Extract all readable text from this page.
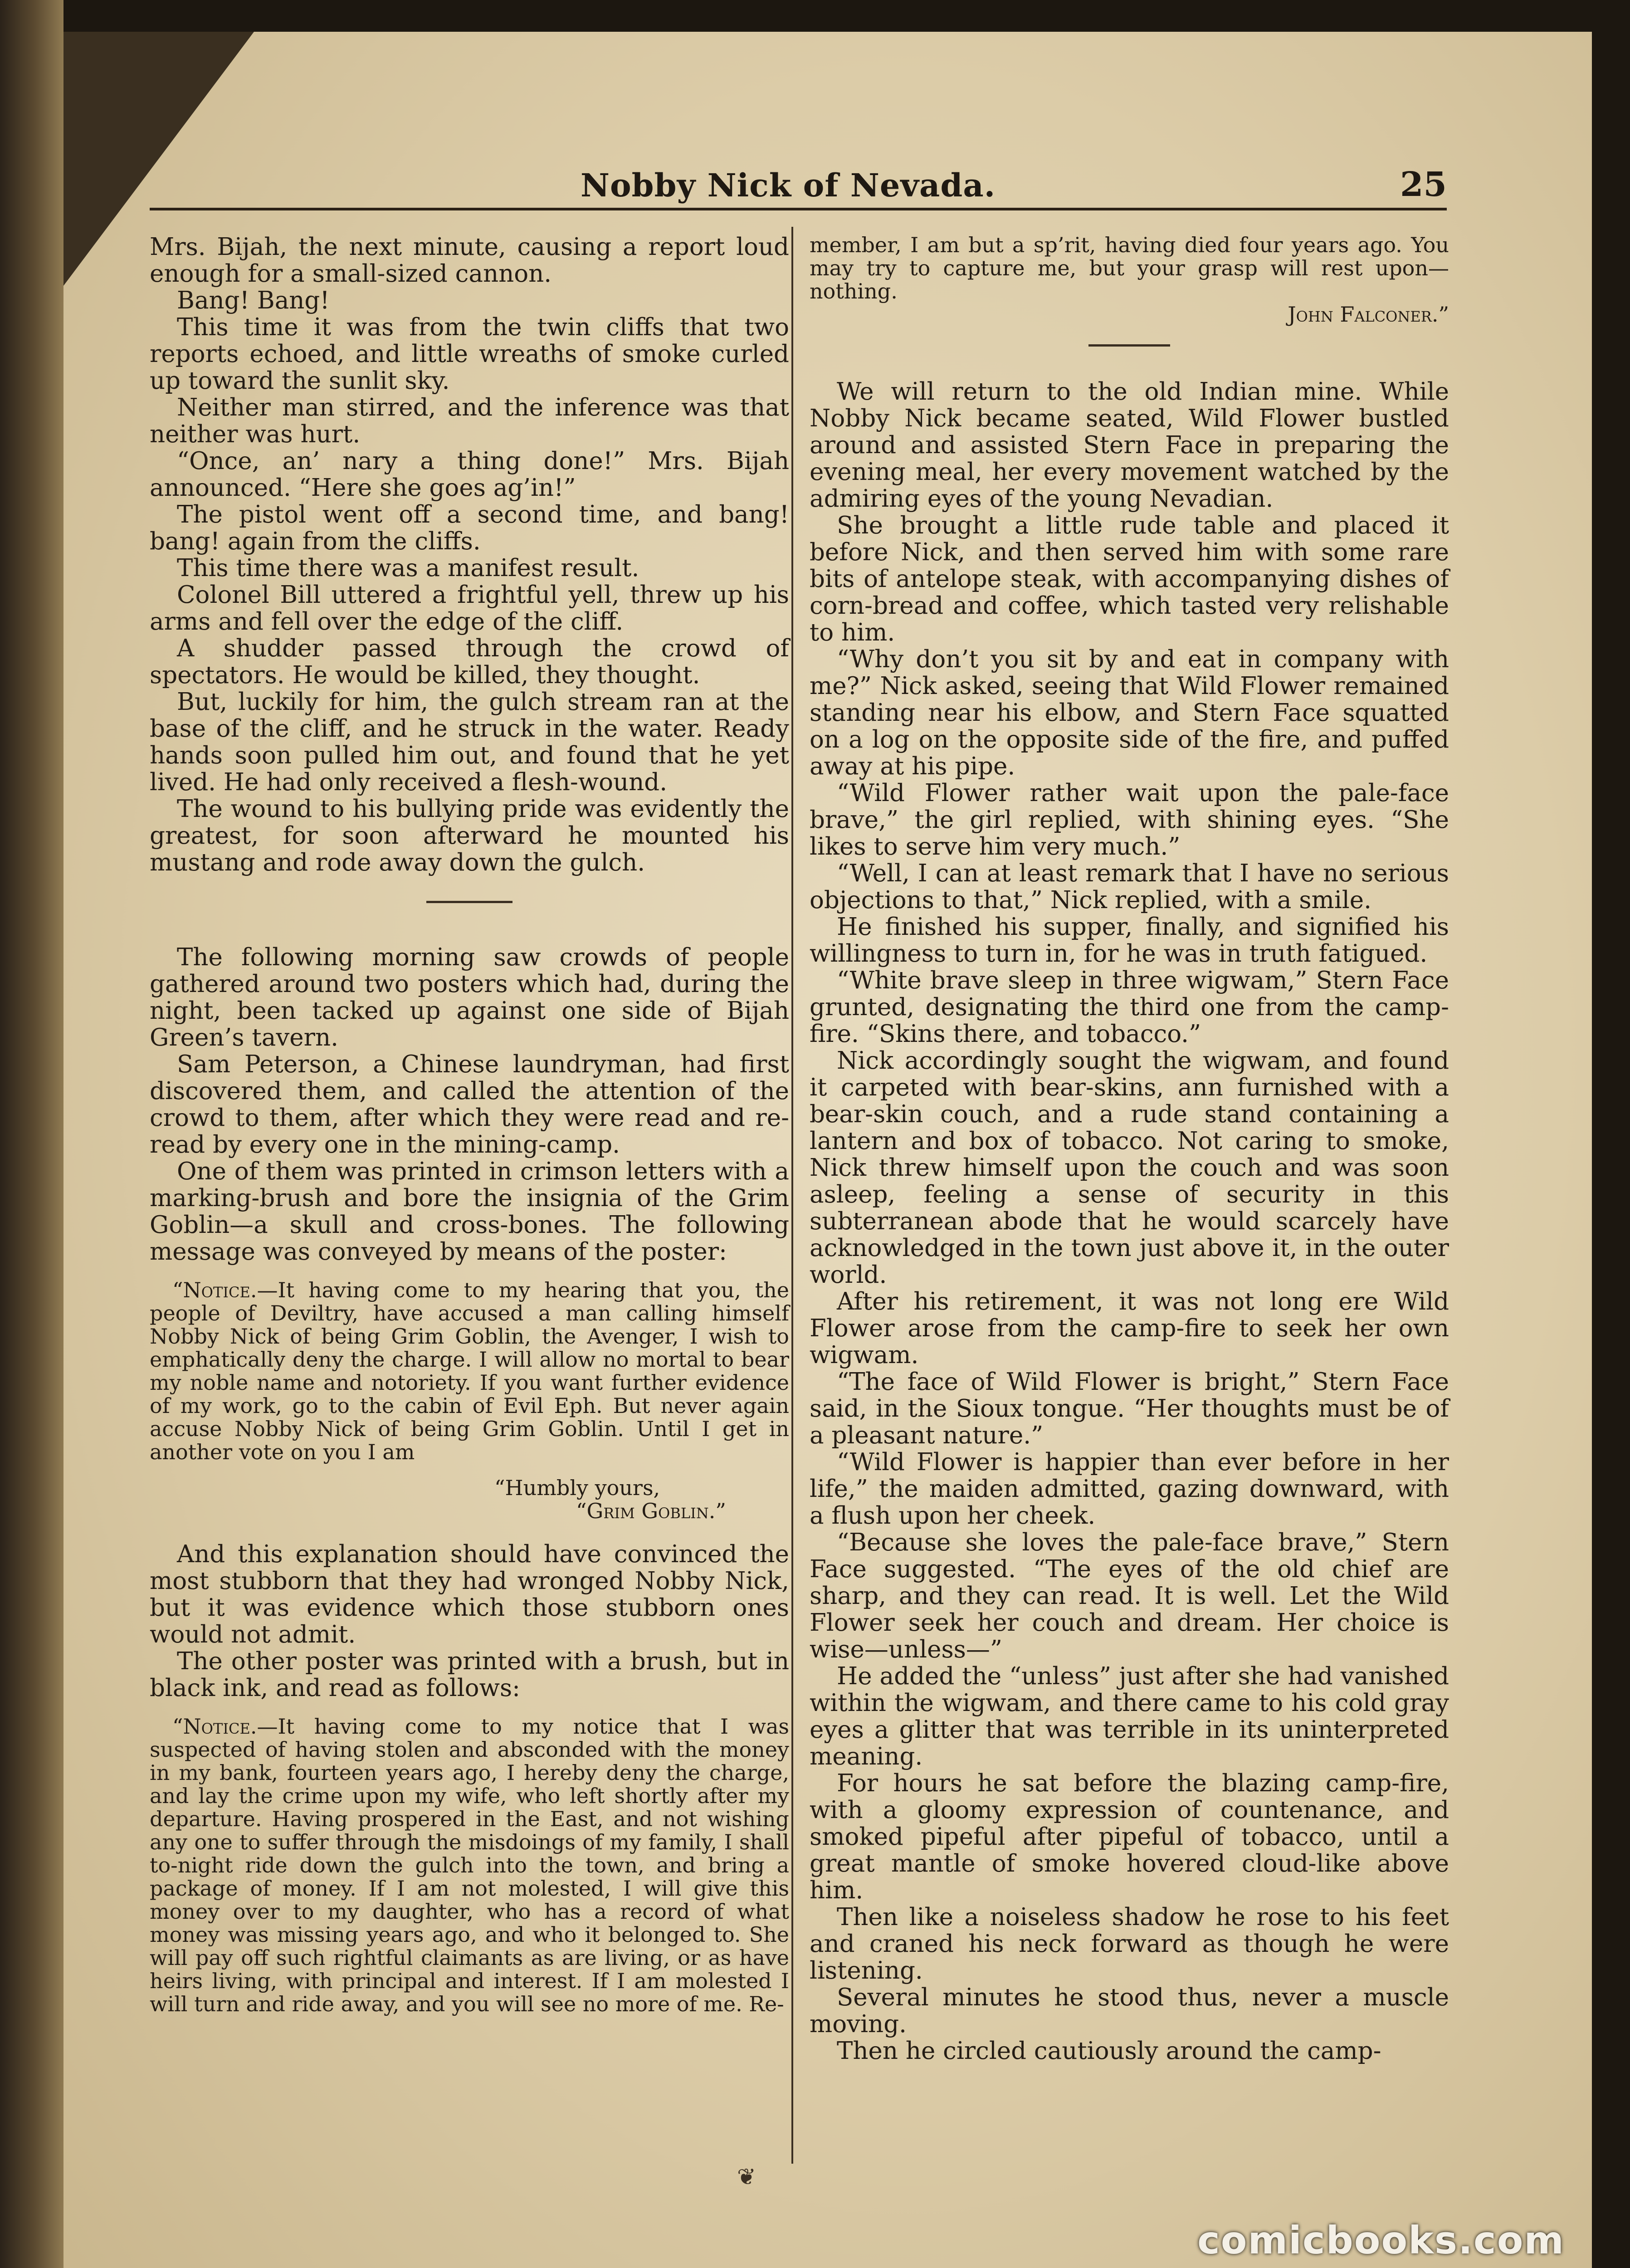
Nobby Nick of Nevada.	25

Mrs. Bijah, the next minute, causing a report loud enough for a small-sized cannon.

Bang! Bang!

This time it was from the twin cliffs that two reports echoed, and little wreaths of smoke curled up toward the sunlit sky.

Neither man stirred, and the inference was that neither was hurt.

“Once, an’ nary a thing done!” Mrs. Bijah announced. “Here she goes ag’in!”

The pistol went off a second time, and bang! bang! again from the cliffs.

This time there was a manifest result.

Colonel Bill uttered a frightful yell, threw up his arms and fell over the edge of the cliff.

A shudder passed through the crowd of spectators. He would be killed, they thought.

But, luckily for him, the gulch stream ran at the base of the cliff, and he struck in the water. Ready hands soon pulled him out, and found that he yet lived. He had only received a flesh-wound.

The wound to his bullying pride was evidently the greatest, for soon afterward he mounted his mustang and rode away down the gulch.

The following morning saw crowds of people gathered around two posters which had, during the night, been tacked up against one side of Bijah Green’s tavern.

Sam Peterson, a Chinese laundryman, had first discovered them, and called the attention of the crowd to them, after which they were read and re-read by every one in the mining-camp.

One of them was printed in crimson letters with a marking-brush and bore the insignia of the Grim Goblin—a skull and cross-bones. The following message was conveyed by means of the poster:

“Notice.—It having come to my hearing that you, the people of Deviltry, have accused a man calling himself Nobby Nick of being Grim Goblin, the Avenger, I wish to emphatically deny the charge. I will allow no mortal to bear my noble name and notoriety. If you want further evidence of my work, go to the cabin of Evil Eph. But never again accuse Nobby Nick of being Grim Goblin. Until I get in another vote on you I am

“Humbly yours,

“Grim Goblin.”

And this explanation should have convinced the most stubborn that they had wronged Nobby Nick, but it was evidence which those stubborn ones would not admit.

The other poster was printed with a brush, but in black ink, and read as follows:

“Notice.—It having come to my notice that I was suspected of having stolen and absconded with the money in my bank, fourteen years ago, I hereby deny the charge, and lay the crime upon my wife, who left shortly after my departure. Having prospered in the East, and not wishing any one to suffer through the misdoings of my family, I shall to-night ride down the gulch into the town, and bring a package of money. If I am not molested, I will give this money over to my daughter, who has a record of what money was missing years ago, and who it belonged to. She will pay off such rightful claimants as are living, or as have heirs living, with principal and interest. If I am molested I will turn and ride away, and you will see no more of me. Re-

member, I am but a sp’rit, having died four years ago. You may try to capture me, but your grasp will rest upon—nothing.

John Falconer.”

We will return to the old Indian mine. While Nobby Nick became seated, Wild Flower bustled around and assisted Stern Face in preparing the evening meal, her every movement watched by the admiring eyes of the young Nevadian.

She brought a little rude table and placed it before Nick, and then served him with some rare bits of antelope steak, with accompanying dishes of corn-bread and coffee, which tasted very relishable to him.

“Why don’t you sit by and eat in company with me?” Nick asked, seeing that Wild Flower remained standing near his elbow, and Stern Face squatted on a log on the opposite side of the fire, and puffed away at his pipe.

“Wild Flower rather wait upon the pale-face brave,” the girl replied, with shining eyes. “She likes to serve him very much.”

“Well, I can at least remark that I have no serious objections to that,” Nick replied, with a smile.

He finished his supper, finally, and signified his willingness to turn in, for he was in truth fatigued.

“White brave sleep in three wigwam,” Stern Face grunted, designating the third one from the camp-fire. “Skins there, and tobacco.”

Nick accordingly sought the wigwam, and found it carpeted with bear-skins, ann furnished with a bear-skin couch, and a rude stand containing a lantern and box of tobacco. Not caring to smoke, Nick threw himself upon the couch and was soon asleep, feeling a sense of security in this subterranean abode that he would scarcely have acknowledged in the town just above it, in the outer world.

After his retirement, it was not long ere Wild Flower arose from the camp-fire to seek her own wigwam.

“The face of Wild Flower is bright,” Stern Face said, in the Sioux tongue. “Her thoughts must be of a pleasant nature.”

“Wild Flower is happier than ever before in her life,” the maiden admitted, gazing downward, with a flush upon her cheek.

“Because she loves the pale-face brave,” Stern Face suggested. “The eyes of the old chief are sharp, and they can read. It is well. Let the Wild Flower seek her couch and dream. Her choice is wise—unless—”

He added the “unless” just after she had vanished within the wigwam, and there came to his cold gray eyes a glitter that was terrible in its uninterpreted meaning.

For hours he sat before the blazing camp-fire, with a gloomy expression of countenance, and smoked pipeful after pipeful of tobacco, until a great mantle of smoke hovered cloud-like above him.

Then like a noiseless shadow he rose to his feet and craned his neck forward as though he were listening.

Several minutes he stood thus, never a muscle moving.

Then he circled cautiously around the camp-

❦
comicbooks.com
